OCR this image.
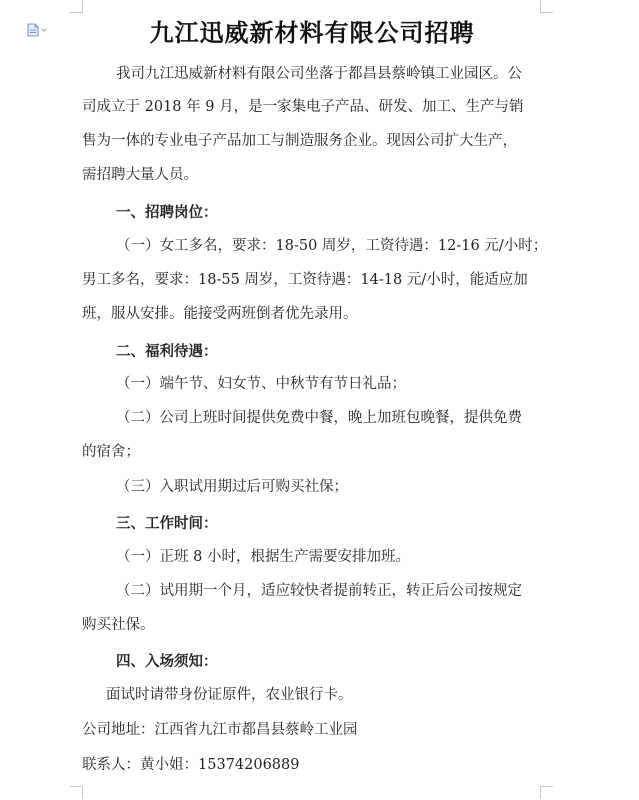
九江迅威新材料有限公司招聘
我司九江迅威新材料有限公司坐落于都昌县蔡岭镇工业园区。公
司成立于 2018 年 9 月，是一家集电子产品、研发、加工、生产与销
售为一体的专业电子产品加工与制造服务企业。现因公司扩大生产，
需招聘大量人员。
一、招聘岗位：
（一）女工多名，要求：18-50 周岁，工资待遇：12-16 元/小时；
男工多名，要求：18-55 周岁，工资待遇：14-18 元/小时，能适应加
班，服从安排。能接受两班倒者优先录用。
二、福利待遇：
（一）端午节、妇女节、中秋节有节日礼品；
（二）公司上班时间提供免费中餐，晚上加班包晚餐，提供免费
的宿舍；
（三）入职试用期过后可购买社保；
三、工作时间：
（一）正班 8 小时，根据生产需要安排加班。
（二）试用期一个月，适应较快者提前转正，转正后公司按规定
购买社保。
四、入场须知：
面试时请带身份证原件，农业银行卡。
公司地址：江西省九江市都昌县蔡岭工业园
联系人：黄小姐：15374206889
